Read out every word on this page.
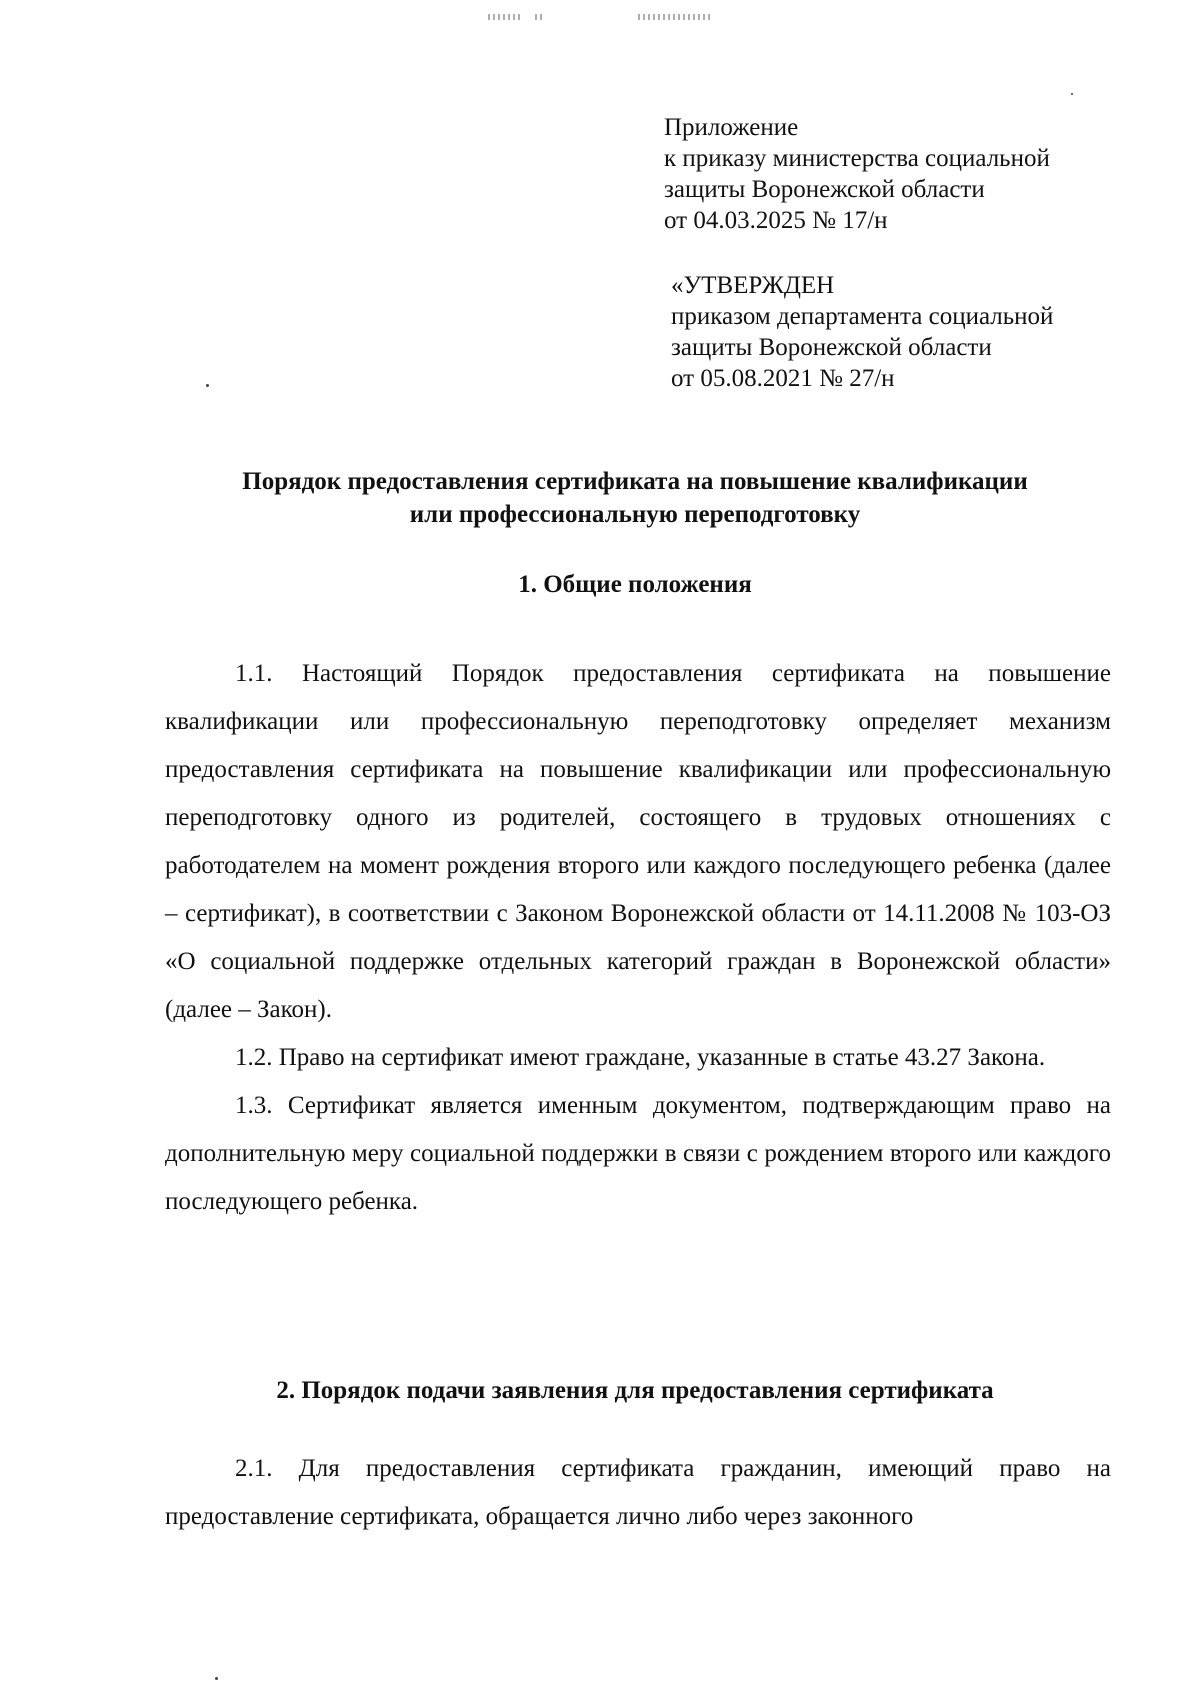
Приложение
к приказу министерства социальной
защиты Воронежской области
от 04.03.2025 № 17/н
«УТВЕРЖДЕН
приказом департамента социальной
защиты Воронежской области
от 05.08.2021 № 27/н
Порядок предоставления сертификата на повышение квалификации
или профессиональную переподготовку
1. Общие положения

1.1. Настоящий Порядок предоставления сертификата на повышение квалификации или профессиональную переподготовку определяет механизм предоставления сертификата на повышение квалификации или профессиональную переподготовку одного из родителей, состоящего в трудовых отношениях с работодателем на момент рождения второго или каждого последующего ребенка (далее – сертификат), в соответствии с Законом Воронежской области от 14.11.2008 № 103-ОЗ «О социальной поддержке отдельных категорий граждан в Воронежской области» (далее – Закон).

1.2. Право на сертификат имеют граждане, указанные в статье 43.27 Закона.

1.3. Сертификат является именным документом, подтверждающим право на дополнительную меру социальной поддержки в связи с рождением второго или каждого последующего ребенка.

2. Порядок подачи заявления для предоставления сертификата

2.1. Для предоставления сертификата гражданин, имеющий право на предоставление сертификата, обращается лично либо через законного
